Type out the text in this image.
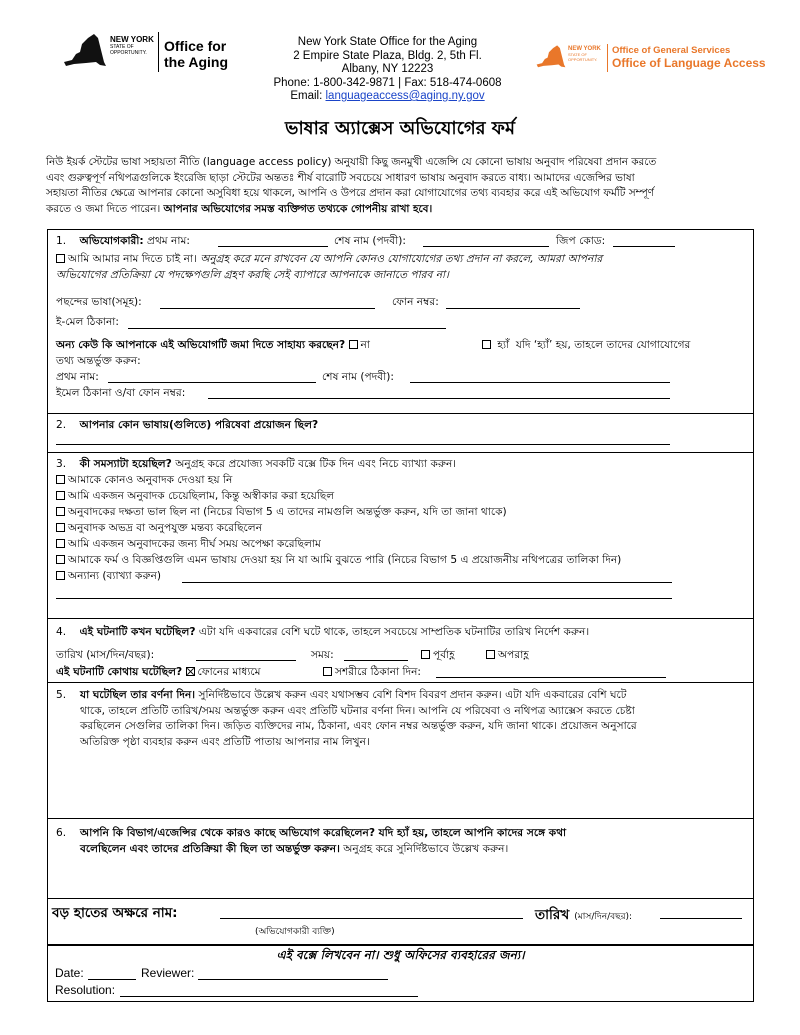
NEW YORK
STATE OF
OPPORTUNITY. Office for
the Aging
New York State Office for the Aging
2 Empire State Plaza, Bldg. 2, 5th Fl.
Albany, NY 12223
Phone: 1-800-342-9871 | Fax: 518-474-0608
Email: languageaccess@aging.ny.gov
NEW YORK
STATE OF
OPPORTUNITY.
Office of General Services
Office of Language Access
ভাষার অ্যাক্সেস অভিযোগের ফর্ম
নিউ ইয়র্ক স্টেটের ভাষা সহায়তা নীতি (language access policy) অনুযায়ী কিছু জনমুখী এজেন্সি যে কোনো ভাষায় অনুবাদ পরিষেবা প্রদান করতে
এবং গুরুত্বপূর্ণ নথিপত্রগুলিকে ইংরেজি ছাড়া স্টেটের অন্ততঃ শীর্ষ বারোটি সবচেয়ে সাধারণ ভাষায় অনুবাদ করতে বাধ্য। আমাদের এজেন্সির ভাষা
সহায়তা নীতির ক্ষেত্রে আপনার কোনো অসুবিধা হয়ে থাকলে, আপনি ও উপরে প্রদান করা যোগাযোগের তথ্য ব্যবহার করে এই অভিযোগ ফর্মটি সম্পূর্ণ
করতে ও জমা দিতে পারেন। আপনার অভিযোগের সমস্ত ব্যক্তিগত তথ্যকে গোপনীয় রাখা হবে।
1. অভিযোগকারী: প্রথম নাম:	শেষ নাম (পদবী):	জিপ কোড:
আমি আমার নাম দিতে চাই না। অনুগ্রহ করে মনে রাখবেন যে আপনি কোনও যোগাযোগের তথ্য প্রদান না করলে, আমরা আপনার
অভিযোগের প্রতিক্রিয়া যে পদক্ষেপগুলি গ্রহণ করছি সেই ব্যাপারে আপনাকে জানাতে পারব না।
পছন্দের ভাষা(সমূহ):	ফোন নম্বর:
ই-মেল ঠিকানা:
অন্য কেউ কি আপনাকে এই অভিযোগটি জমা দিতে সাহায্য করছেন? না	হ্যাঁ যদি ‘হ্যাঁ’ হয়, তাহলে তাদের যোগাযোগের
তথ্য অন্তর্ভুক্ত করুন:
প্রথম নাম:	শেষ নাম (পদবী):
ইমেল ঠিকানা ও/বা ফোন নম্বর:
2. আপনার কোন ভাষায়(গুলিতে) পরিষেবা প্রয়োজন ছিল?
3. কী সমস্যাটা হয়েছিল? অনুগ্রহ করে প্রযোজ্য সবকটি বক্সে টিক দিন এবং নিচে ব্যাখ্যা করুন।
আমাকে কোনও অনুবাদক দেওয়া হয় নি
আমি একজন অনুবাদক চেয়েছিলাম, কিন্তু অস্বীকার করা হয়েছিল
অনুবাদকের দক্ষতা ভাল ছিল না (নিচের বিভাগ 5 এ তাদের নামগুলি অন্তর্ভুক্ত করুন, যদি তা জানা থাকে)
অনুবাদক অভদ্র বা অনুপযুক্ত মন্তব্য করেছিলেন
আমি একজন অনুবাদকের জন্য দীর্ঘ সময় অপেক্ষা করেছিলাম
আমাকে ফর্ম ও বিজ্ঞপ্তিগুলি এমন ভাষায় দেওয়া হয় নি যা আমি বুঝতে পারি (নিচের বিভাগ 5 এ প্রয়োজনীয় নথিপত্রের তালিকা দিন)
অন্যান্য (ব্যাখ্যা করুন)
4. এই ঘটনাটি কখন ঘটেছিল? এটা যদি একবারের বেশি ঘটে থাকে, তাহলে সবচেয়ে সাম্প্রতিক ঘটনাটির তারিখ নির্দেশ করুন।
তারিখ (মাস/দিন/বছর):	সময়:	পূর্বাহ্ণ	অপরাহ্ণ
এই ঘটনাটি কোথায় ঘটেছিল? ফোনের মাধ্যমে	সশরীরে ঠিকানা দিন:
5. যা ঘটেছিল তার বর্ণনা দিন। সুনির্দিষ্টভাবে উল্লেখ করুন এবং যথাসম্ভব বেশি বিশদ বিবরণ প্রদান করুন। এটা যদি একবারের বেশি ঘটে
থাকে, তাহলে প্রতিটি তারিখ/সময় অন্তর্ভুক্ত করুন এবং প্রতিটি ঘটনার বর্ণনা দিন। আপনি যে পরিষেবা ও নথিপত্র অ্যাক্সেস করতে চেষ্টা
করছিলেন সেগুলির তালিকা দিন। জড়িত ব্যক্তিদের নাম, ঠিকানা, এবং ফোন নম্বর অন্তর্ভুক্ত করুন, যদি জানা থাকে। প্রয়োজন অনুসারে
অতিরিক্ত পৃষ্ঠা ব্যবহার করুন এবং প্রতিটি পাতায় আপনার নাম লিখুন।
6. আপনি কি বিভাগ/এজেন্সির থেকে কারও কাছে অভিযোগ করেছিলেন? যদি হ্যাঁ হয়, তাহলে আপনি কাদের সঙ্গে কথা
বলেছিলেন এবং তাদের প্রতিক্রিয়া কী ছিল তা অন্তর্ভুক্ত করুন। অনুগ্রহ করে সুনির্দিষ্টভাবে উল্লেখ করুন।
বড় হাতের অক্ষরে নাম:
(অভিযোগকারী ব্যক্তি)
তারিখ (মাস/দিন/বছর):
এই বক্সে লিখবেন না। শুধু অফিসের ব্যবহারের জন্য।
Date:	Reviewer:
Resolution:
